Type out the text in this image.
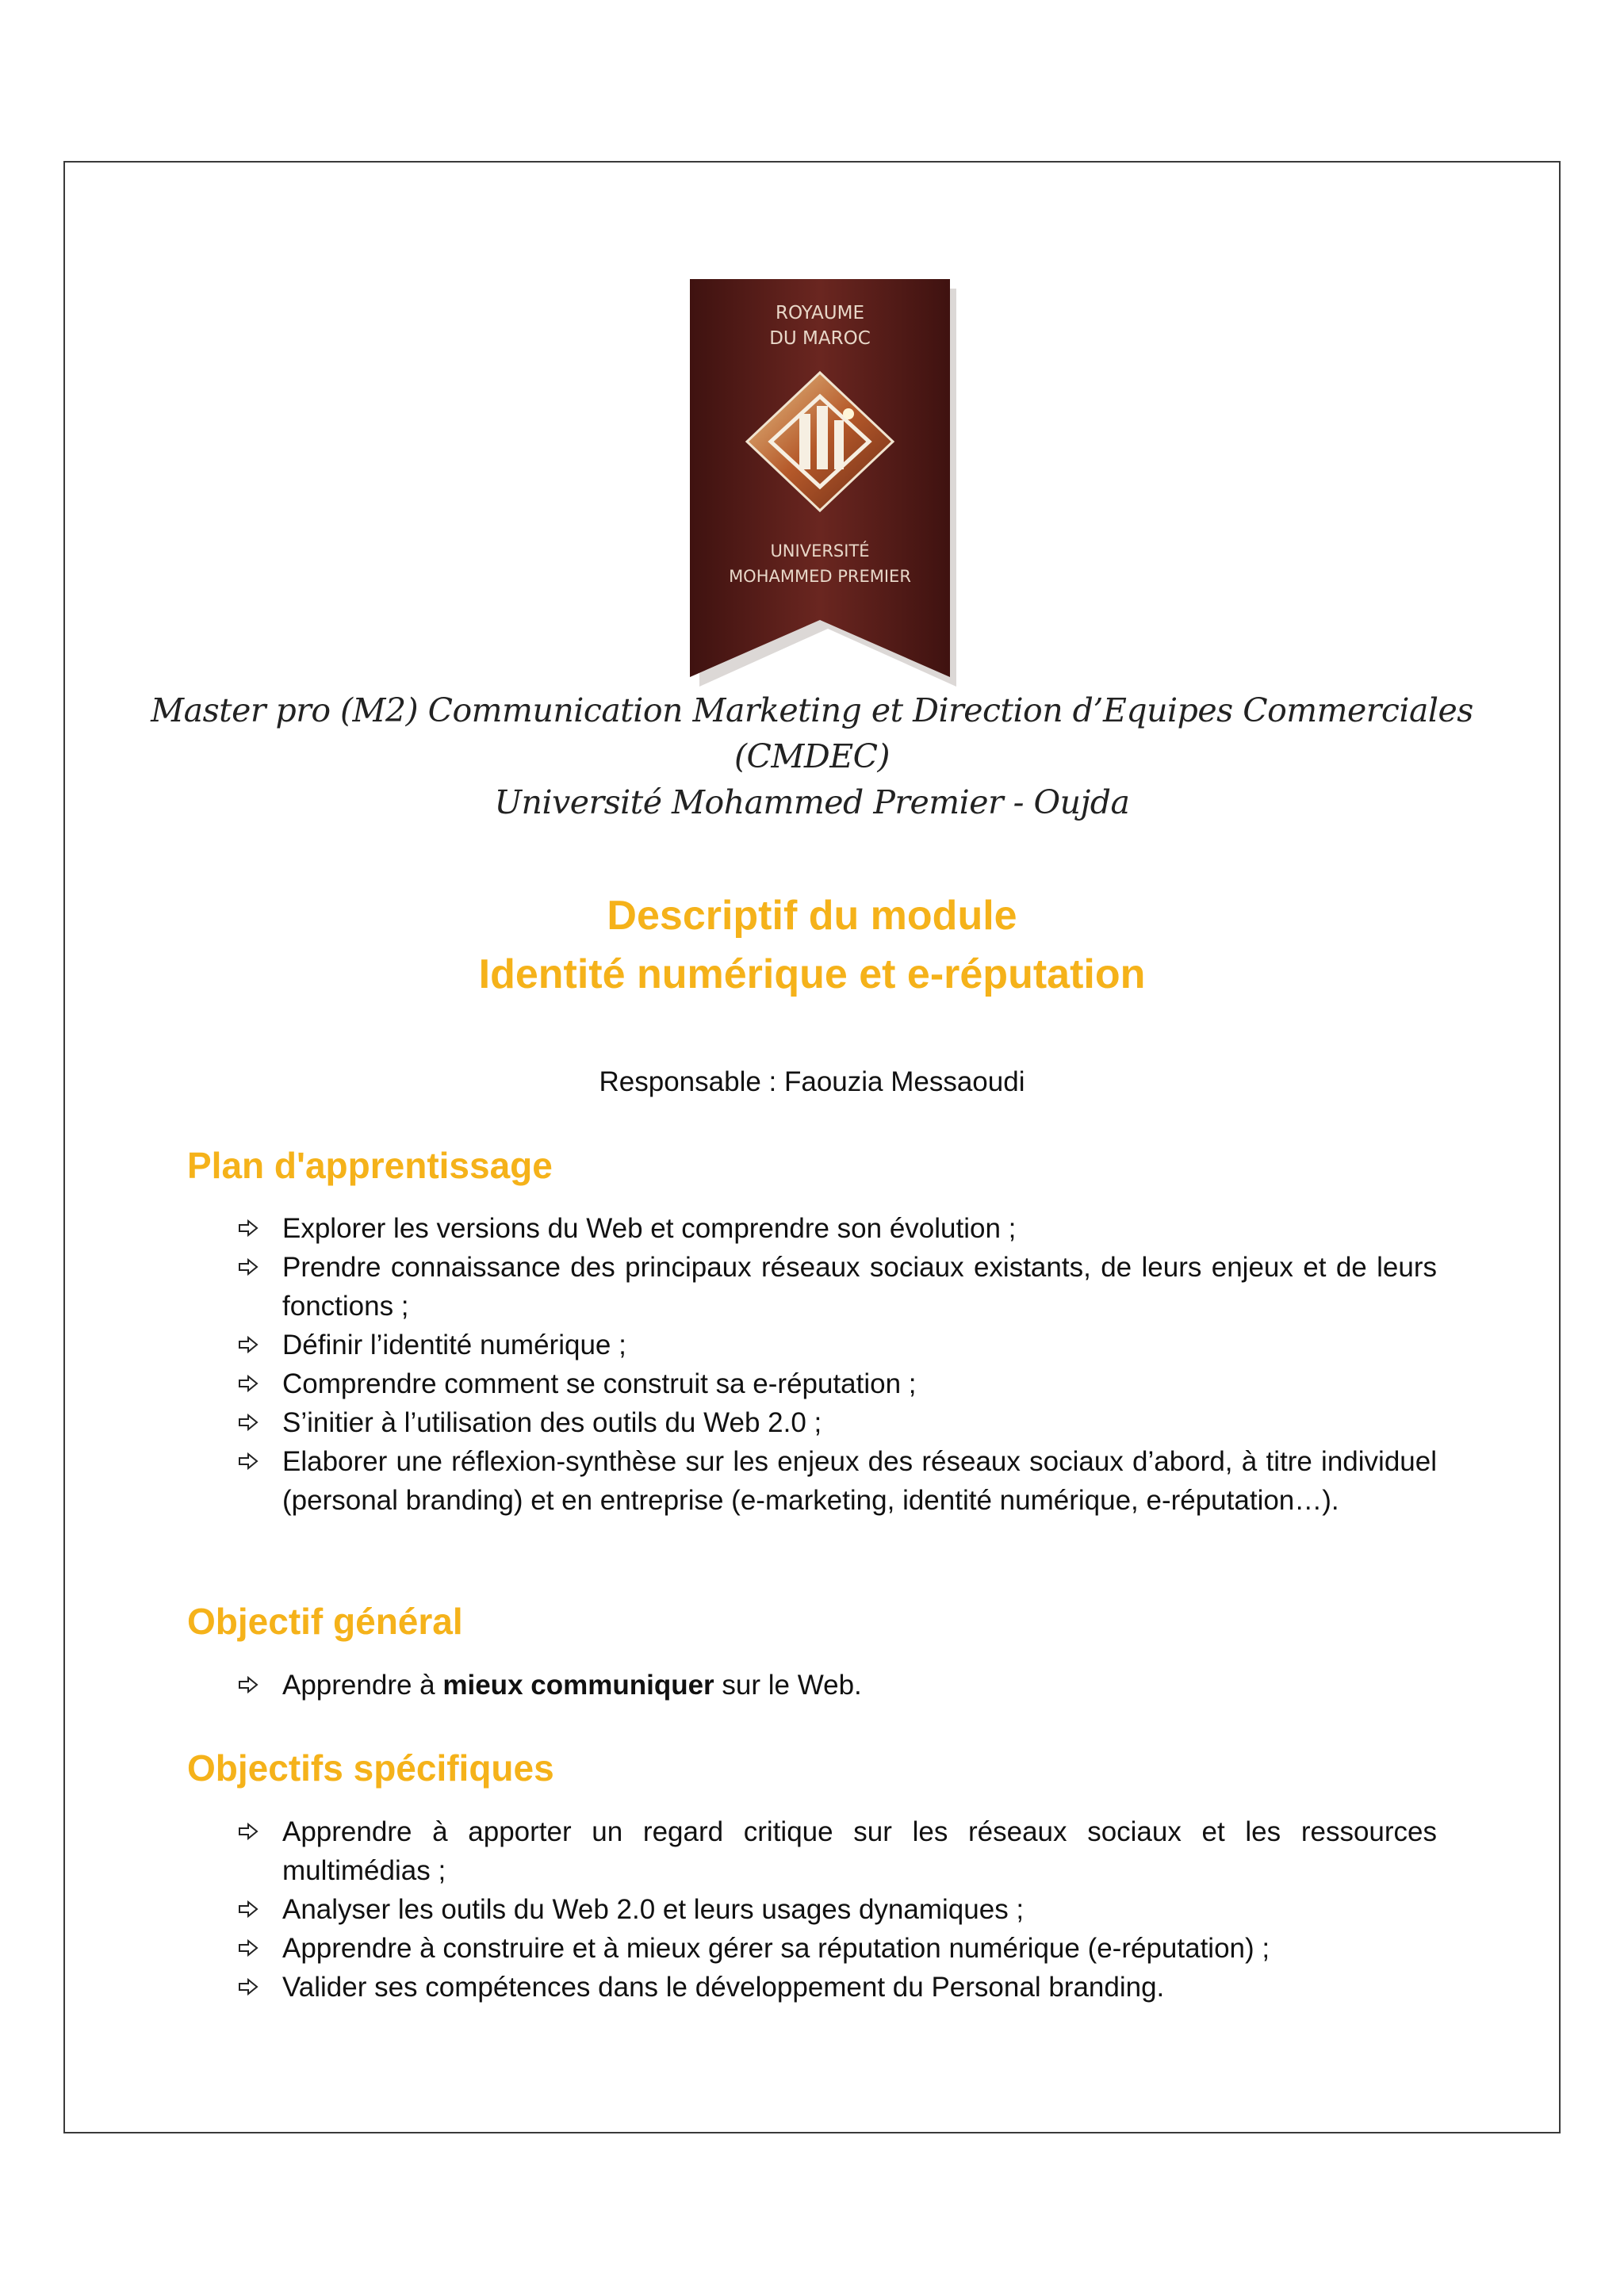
ROYAUME
DU MAROC
UNIVERSITÉ
MOHAMMED PREMIER
Master pro (M2) Communication Marketing et Direction d’Equipes Commerciales
(CMDEC)
Université Mohammed Premier - Oujda
Descriptif du module
Identité numérique et e-réputation
Responsable : Faouzia Messaoudi
Plan d'apprentissage
Explorer les versions du Web et comprendre son évolution ;
Prendre connaissance des principaux réseaux sociaux existants, de leurs enjeux et de leurs fonctions ;
Définir l’identité numérique ;
Comprendre comment se construit sa e-réputation ;
S’initier à l’utilisation des outils du Web 2.0 ;
Elaborer une réflexion-synthèse sur les enjeux des réseaux sociaux d’abord, à titre individuel (personal branding) et en entreprise (e-marketing, identité numérique, e-réputation…).
Objectif général
Apprendre à mieux communiquer sur le Web.
Objectifs spécifiques
Apprendre à apporter un regard critique sur les réseaux sociaux et les ressources multimédias ;
Analyser les outils du Web 2.0 et leurs usages dynamiques ;
Apprendre à construire et à mieux gérer sa réputation numérique (e-réputation) ;
Valider ses compétences dans le développement du Personal branding.
